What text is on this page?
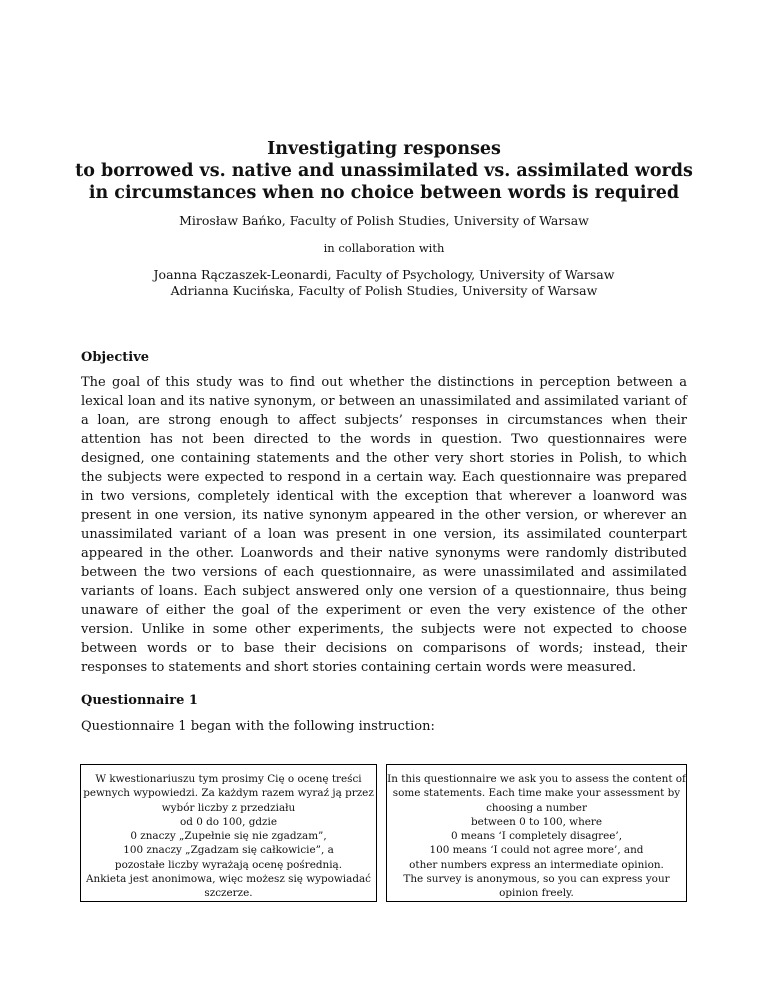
Investigating responses
to borrowed vs. native and unassimilated vs. assimilated words
in circumstances when no choice between words is required
Mirosław Bańko, Faculty of Polish Studies, University of Warsaw
in collaboration with
Joanna Rączaszek-Leonardi, Faculty of Psychology, University of Warsaw
Adrianna Kucińska, Faculty of Polish Studies, University of Warsaw
Objective

The goal of this study was to find out whether the distinctions in perception between a lexical loan and its native synonym, or between an unassimilated and assimilated variant of a loan, are strong enough to affect subjects’ responses in circumstances when their attention has not been directed to the words in question. Two questionnaires were designed, one containing statements and the other very short stories in Polish, to which the subjects were expected to respond in a certain way. Each questionnaire was prepared in two versions, completely identical with the exception that wherever a loanword was present in one version, its native synonym appeared in the other version, or wherever an unassimilated variant of a loan was present in one version, its assimilated counterpart appeared in the other. Loanwords and their native synonyms were randomly distributed between the two versions of each questionnaire, as were unassimilated and assimilated variants of loans. Each subject answered only one version of a questionnaire, thus being unaware of either the goal of the experiment or even the very existence of the other version. Unlike in some other experiments, the subjects were not expected to choose between words or to base their decisions on comparisons of words; instead, their responses to statements and short stories containing certain words were measured.

Questionnaire 1
Questionnaire 1 began with the following instruction:
W kwestionariuszu tym prosimy Cię o ocenę treści
pewnych wypowiedzi. Za każdym razem wyraź ją przez
wybór liczby z przedziału
od 0 do 100, gdzie
0 znaczy „Zupełnie się nie zgadzam”,
100 znaczy „Zgadzam się całkowicie”, a
pozostałe liczby wyrażają ocenę pośrednią.
Ankieta jest anonimowa, więc możesz się wypowiadać
szczerze.
In this questionnaire we ask you to assess the content of
some statements. Each time make your assessment by
choosing a number
between 0 to 100, where
0 means ‘I completely disagree’,
100 means ‘I could not agree more’, and
other numbers express an intermediate opinion.
The survey is anonymous, so you can express your
opinion freely.
